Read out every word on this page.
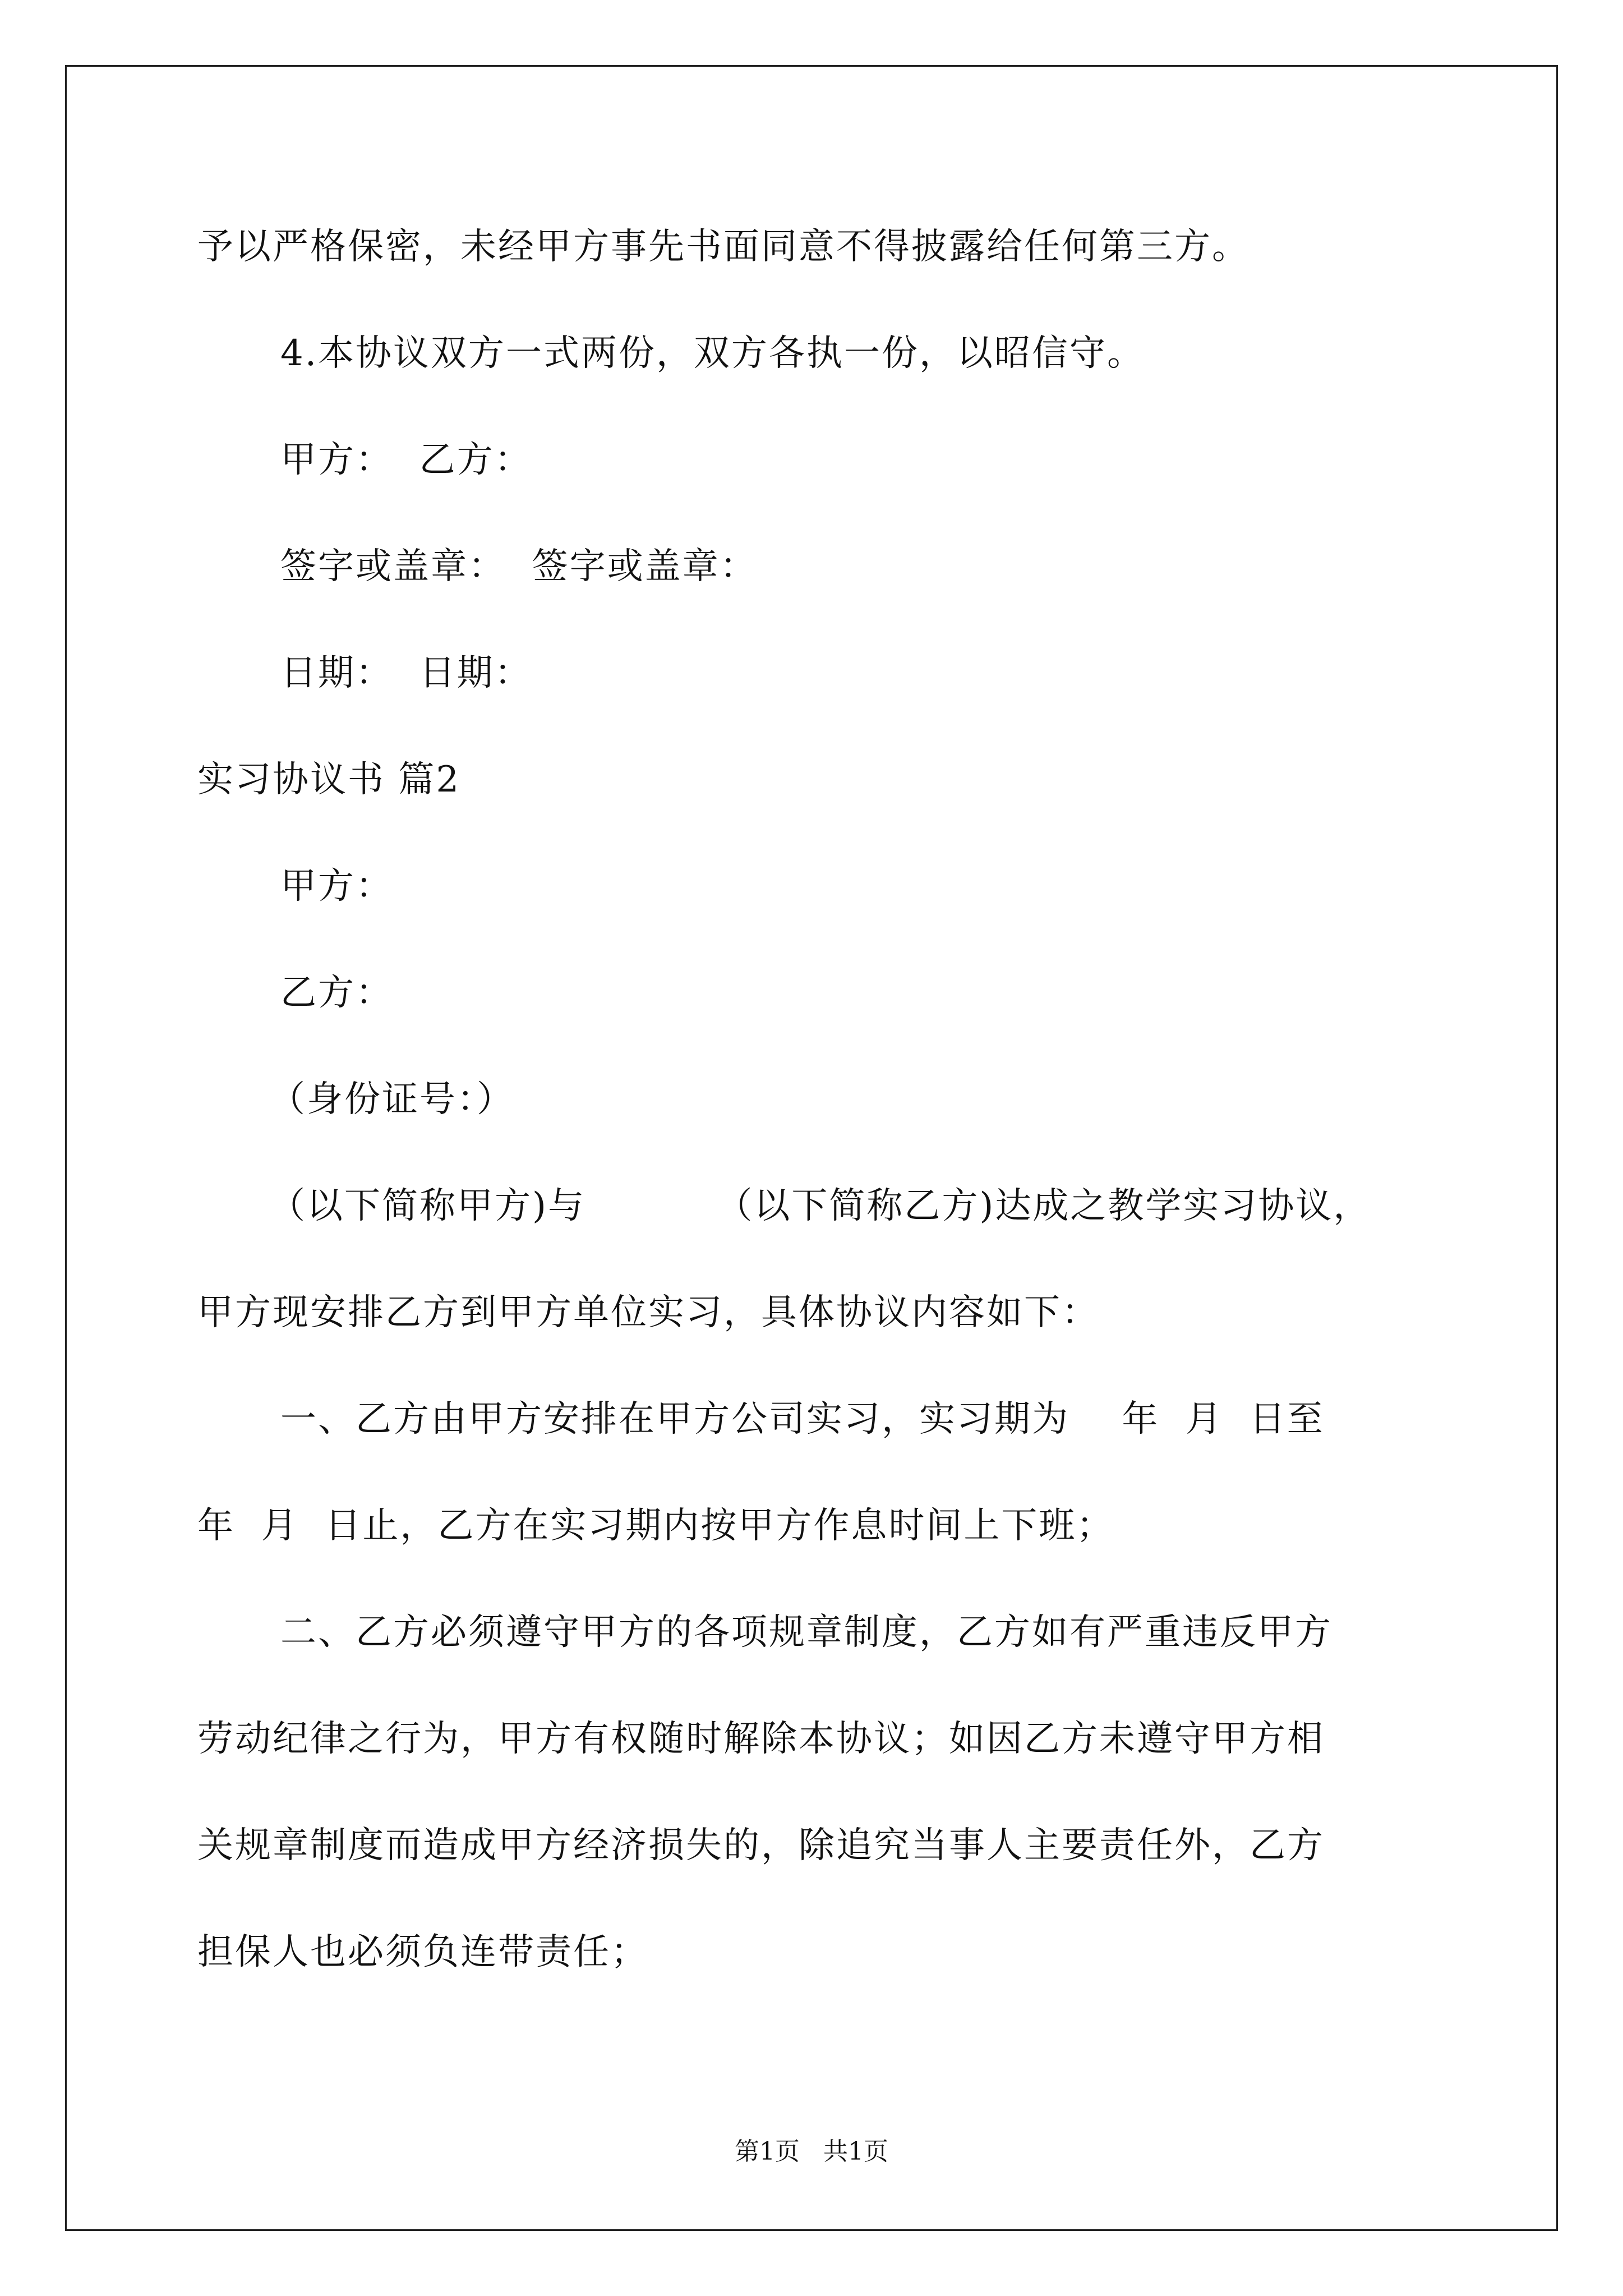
予以严格保密，未经甲方事先书面同意不得披露给任何第三方。
4.本协议双方一式两份，双方各执一份，以昭信守。
甲方：  乙方：
签字或盖章：  签字或盖章：
日期：  日期：
实习协议书 篇2
甲方：
乙方：
（身份证号：）
（以下简称甲方)与          （以下简称乙方)达成之教学实习协议，
甲方现安排乙方到甲方单位实习，具体协议内容如下：
一、乙方由甲方安排在甲方公司实习，实习期为    年  月  日至
年  月  日止，乙方在实习期内按甲方作息时间上下班；
二、乙方必须遵守甲方的各项规章制度，乙方如有严重违反甲方
劳动纪律之行为，甲方有权随时解除本协议；如因乙方未遵守甲方相
关规章制度而造成甲方经济损失的，除追究当事人主要责任外，乙方
担保人也必须负连带责任；
第1页   共1页
